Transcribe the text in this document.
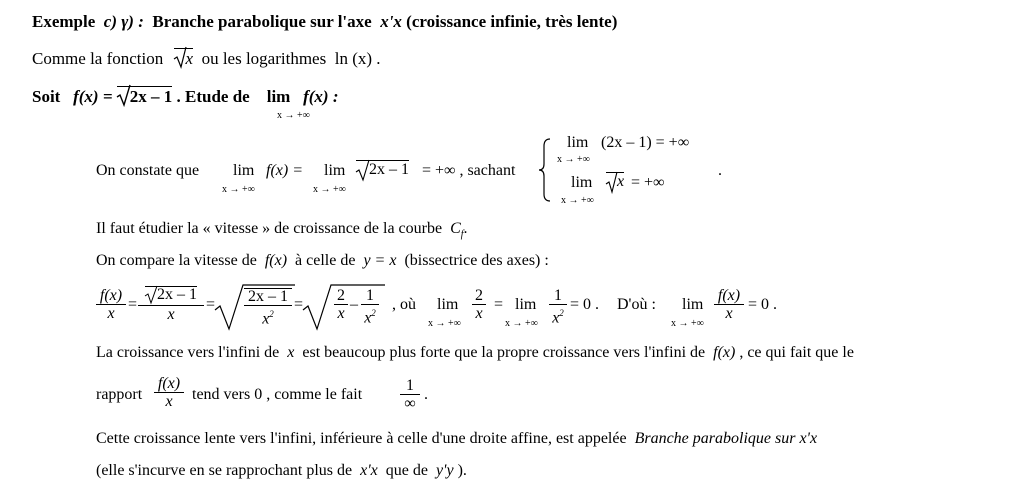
Exemple c) γ) : Branche parabolique sur l'axe x'x (croissance infinie, très lente)
Comme la fonction x ou les logarithmes ln (x) .
Soit f(x) = 2x – 1 . Etude de lim f(x) :
x → +∞
On constate que lim
x → +∞
f(x) = lim
x → +∞
2x – 1 = +∞ , sachant
lim (2x – 1) = +∞
x → +∞
lim	x = +∞
x → +∞
.
Il faut étudier la « vitesse » de croissance de la courbe $C_f$.
On compare la vitesse de f(x) à celle de y = x (bissectrice des axes) :
f(x)
x
=
2x – 1
x
= 2x – 1
$x^2$
=
2
x
–
1
$x^2$ , où lim
x → +∞
2
x
= lim
x → +∞
1
$x^2 = 0$ . D'où : lim
x → +∞
f(x)
x
= 0 .
La croissance vers l'infini de x est beaucoup plus forte que la propre croissance vers l'infini de f(x) , ce qui fait que le
rapport
f(x)
x	tend vers 0 , comme le fait
1
∞
.
Cette croissance lente vers l'infini, inférieure à celle d'une droite affine, est appelée Branche parabolique sur x'x
(elle s'incurve en se rapprochant plus de x'x que de y'y ).
